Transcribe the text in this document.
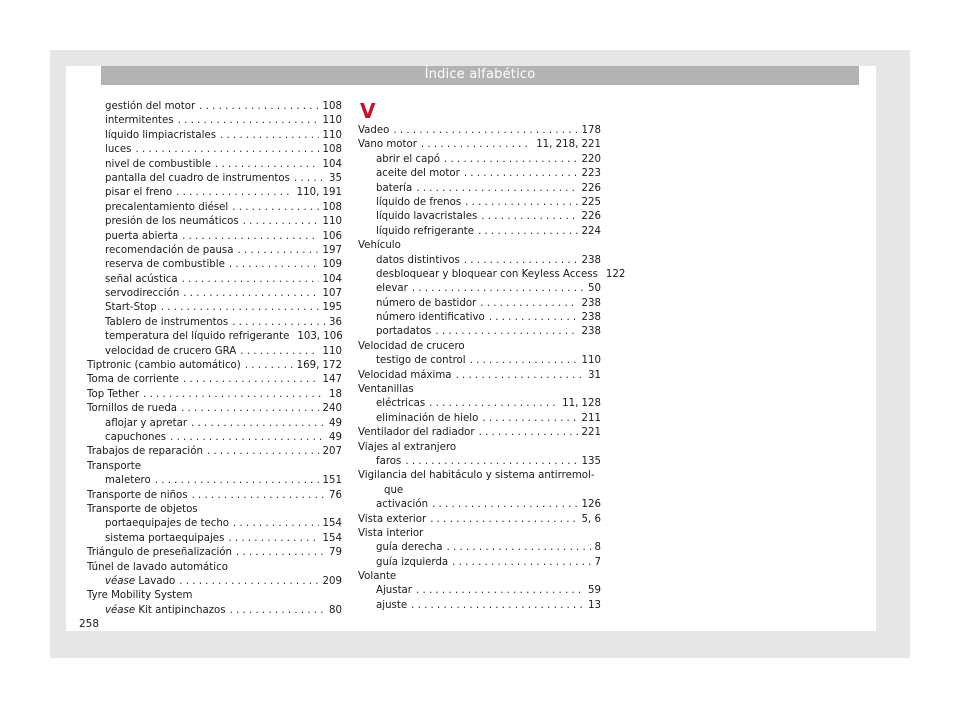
Índice alfabético
gestión del motor . . .	108
intermitentes . . .	110
líquido limpiacristales . . .	110
luces . . .	108
nivel de combustible . . .	104
pantalla del cuadro de instrumentos . . .	35
pisar el freno . . .	110, 191
precalentamiento diésel . . .	108
presión de los neumáticos . . .	110
puerta abierta . . .	106
recomendación de pausa . . .	197
reserva de combustible . . .	109
señal acústica . . .	104
servodirección . . .	107
Start-Stop . . .	195
Tablero de instrumentos . . .	36
temperatura del líquido refrigerante 103, 106
velocidad de crucero GRA . . .	110
Tiptronic (cambio automático) . . .	169, 172
Toma de corriente . . .	147
Top Tether . . .	18
Tornillos de rueda . . .	240
aflojar y apretar . . .	49
capuchones . . .	49
Trabajos de reparación . . .	207
Transporte
maletero . . .	151
Transporte de niños . . .	76
Transporte de objetos
portaequipajes de techo . . .	154
sistema portaequipajes . . .	154
Triángulo de preseñalización . . .	79
Túnel de lavado automático
véase Lavado . . .	209
Tyre Mobility System
véase Kit antipinchazos . . .	80
V
Vadeo . . .	178
Vano motor . . .	11, 218, 221
abrir el capó . . .	220
aceite del motor . . .	223
batería . . .	226
líquido de frenos . . .	225
líquido lavacristales . . .	226
líquido refrigerante . . .	224
Vehículo
datos distintivos . . .	238
desbloquear y bloquear con Keyless Access 122
elevar . . .	50
número de bastidor . . .	238
número identificativo . . .	238
portadatos . . .	238
Velocidad de crucero
testigo de control . . .	110
Velocidad máxima . . .	31
Ventanillas
eléctricas . . .	11, 128
eliminación de hielo . . .	211
Ventilador del radiador . . .	221
Viajes al extranjero
faros . . .	135
Vigilancia del habitáculo y sistema antirremol-
que
activación . . .	126
Vista exterior . . .	5, 6
Vista interior
guía derecha . . .	8
guía izquierda . . .	7
Volante
Ajustar . . .	59
ajuste . . .	13
258
